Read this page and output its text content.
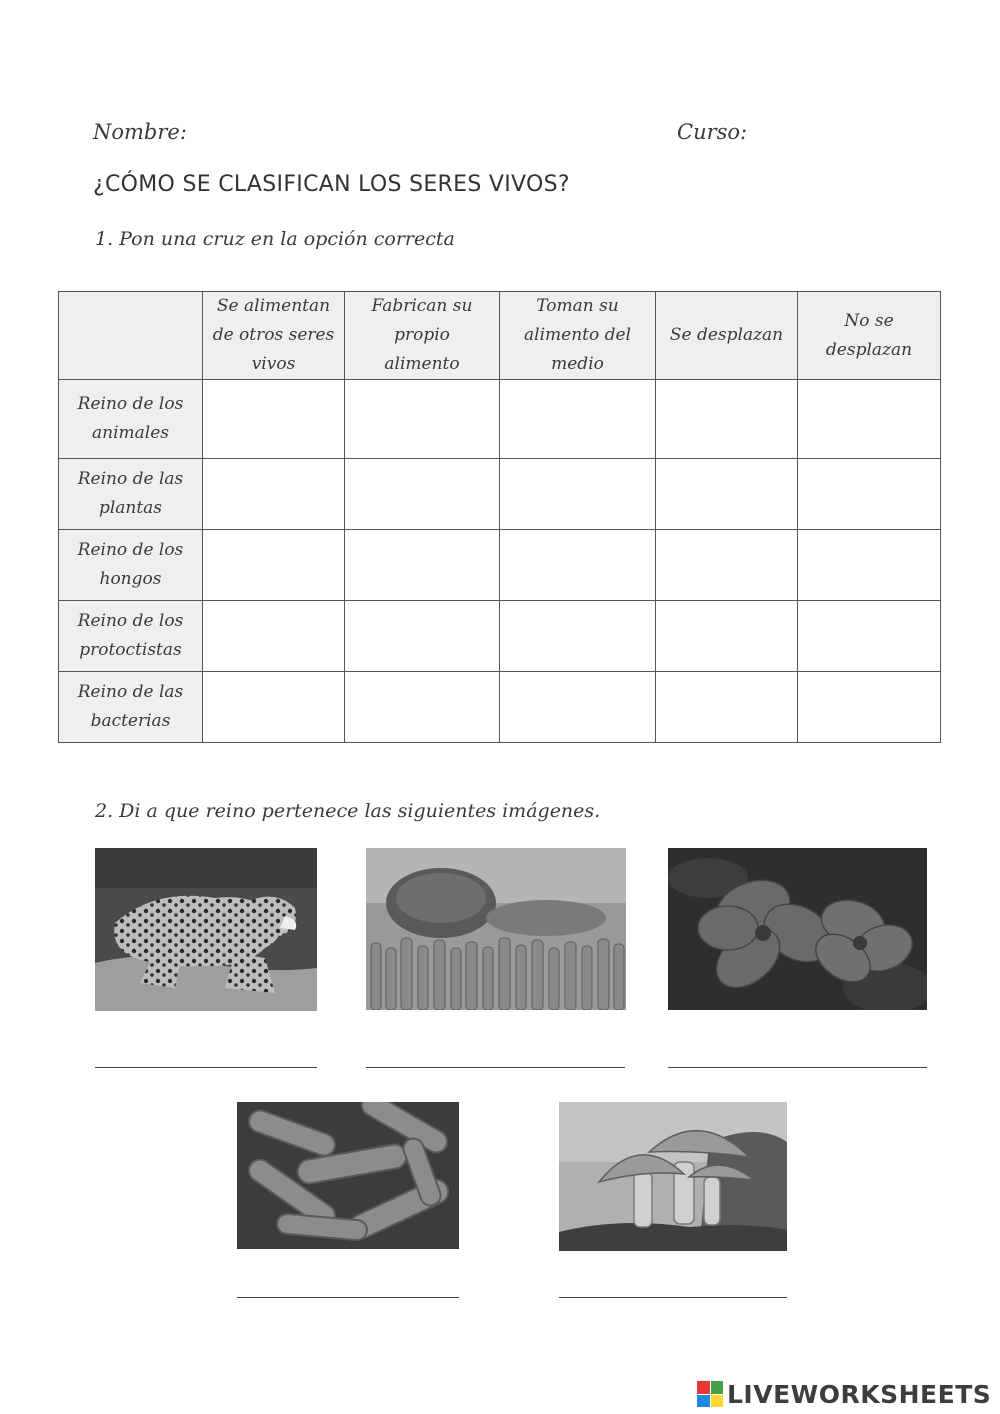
Nombre:	Curso:
¿CÓMO SE CLASIFICAN LOS SERES VIVOS?
1. Pon una cruz en la opción correcta

	Se alimentan
de otros seres
vivos	Fabrican su
propio
alimento	Toman su
alimento del
medio	Se desplazan	No se
desplazan

Reino de los
animales					

Reino de las
plantas					

Reino de los
hongos					

Reino de los
protoctistas					

Reino de las
bacterias					

2. Di a que reino pertenece las siguientes imágenes.
LIVEWORKSHEETS
